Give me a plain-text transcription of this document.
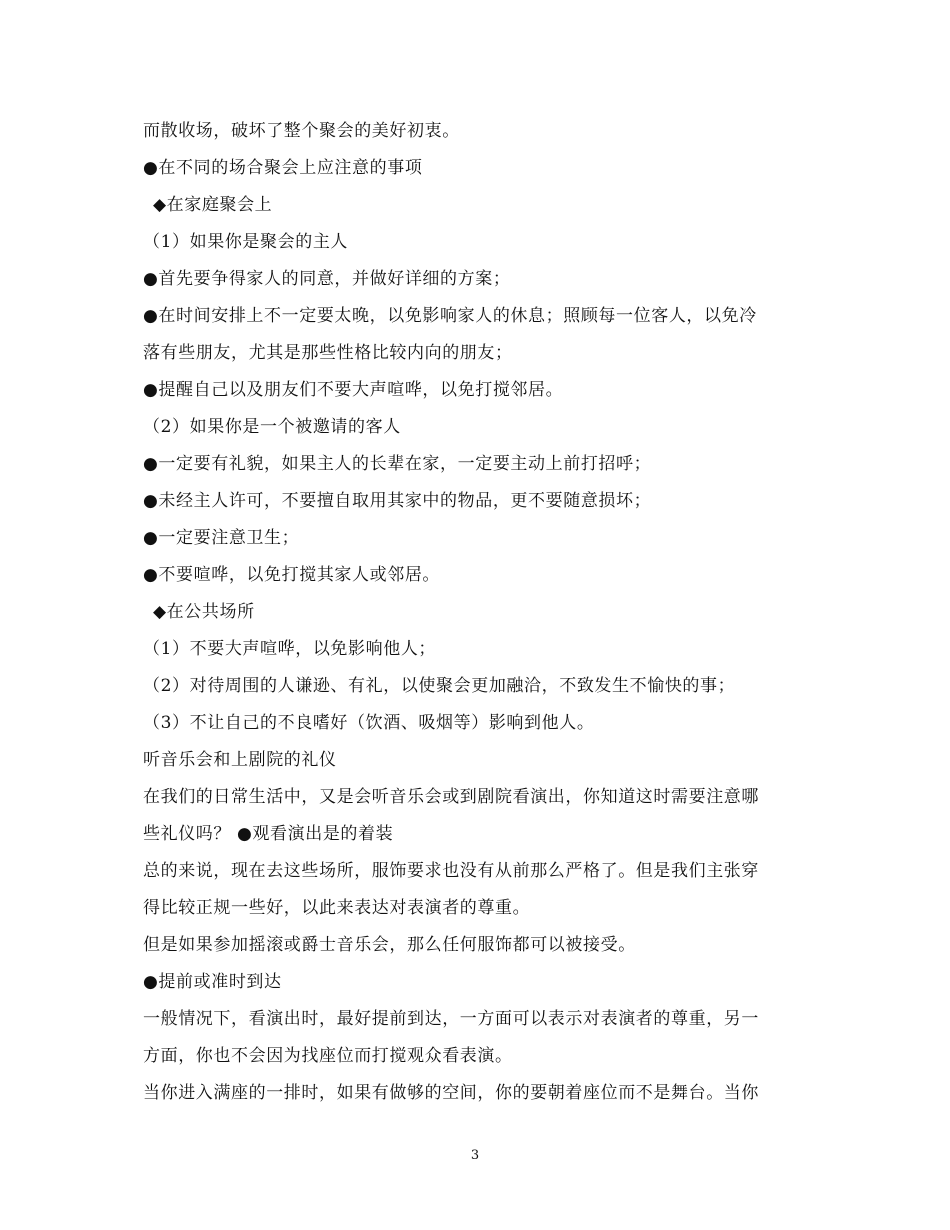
而散收场，破坏了整个聚会的美好初衷。
●在不同的场合聚会上应注意的事项
◆在家庭聚会上
（1）如果你是聚会的主人
●首先要争得家人的同意，并做好详细的方案；
●在时间安排上不一定要太晚，以免影响家人的休息；照顾每一位客人，以免冷
落有些朋友，尤其是那些性格比较内向的朋友；
●提醒自己以及朋友们不要大声喧哗，以免打搅邻居。
（2）如果你是一个被邀请的客人
●一定要有礼貌，如果主人的长辈在家，一定要主动上前打招呼；
●未经主人许可，不要擅自取用其家中的物品，更不要随意损坏；
●一定要注意卫生；
●不要喧哗，以免打搅其家人或邻居。
◆在公共场所
（1）不要大声喧哗，以免影响他人；
（2）对待周围的人谦逊、有礼，以使聚会更加融洽，不致发生不愉快的事；
（3）不让自己的不良嗜好（饮酒、吸烟等）影响到他人。
听音乐会和上剧院的礼仪
在我们的日常生活中，又是会听音乐会或到剧院看演出，你知道这时需要注意哪
些礼仪吗？ ●观看演出是的着装
总的来说，现在去这些场所，服饰要求也没有从前那么严格了。但是我们主张穿
得比较正规一些好，以此来表达对表演者的尊重。
但是如果参加摇滚或爵士音乐会，那么任何服饰都可以被接受。
●提前或准时到达
一般情况下，看演出时，最好提前到达，一方面可以表示对表演者的尊重，另一
方面，你也不会因为找座位而打搅观众看表演。
当你进入满座的一排时，如果有做够的空间，你的要朝着座位而不是舞台。当你
3
